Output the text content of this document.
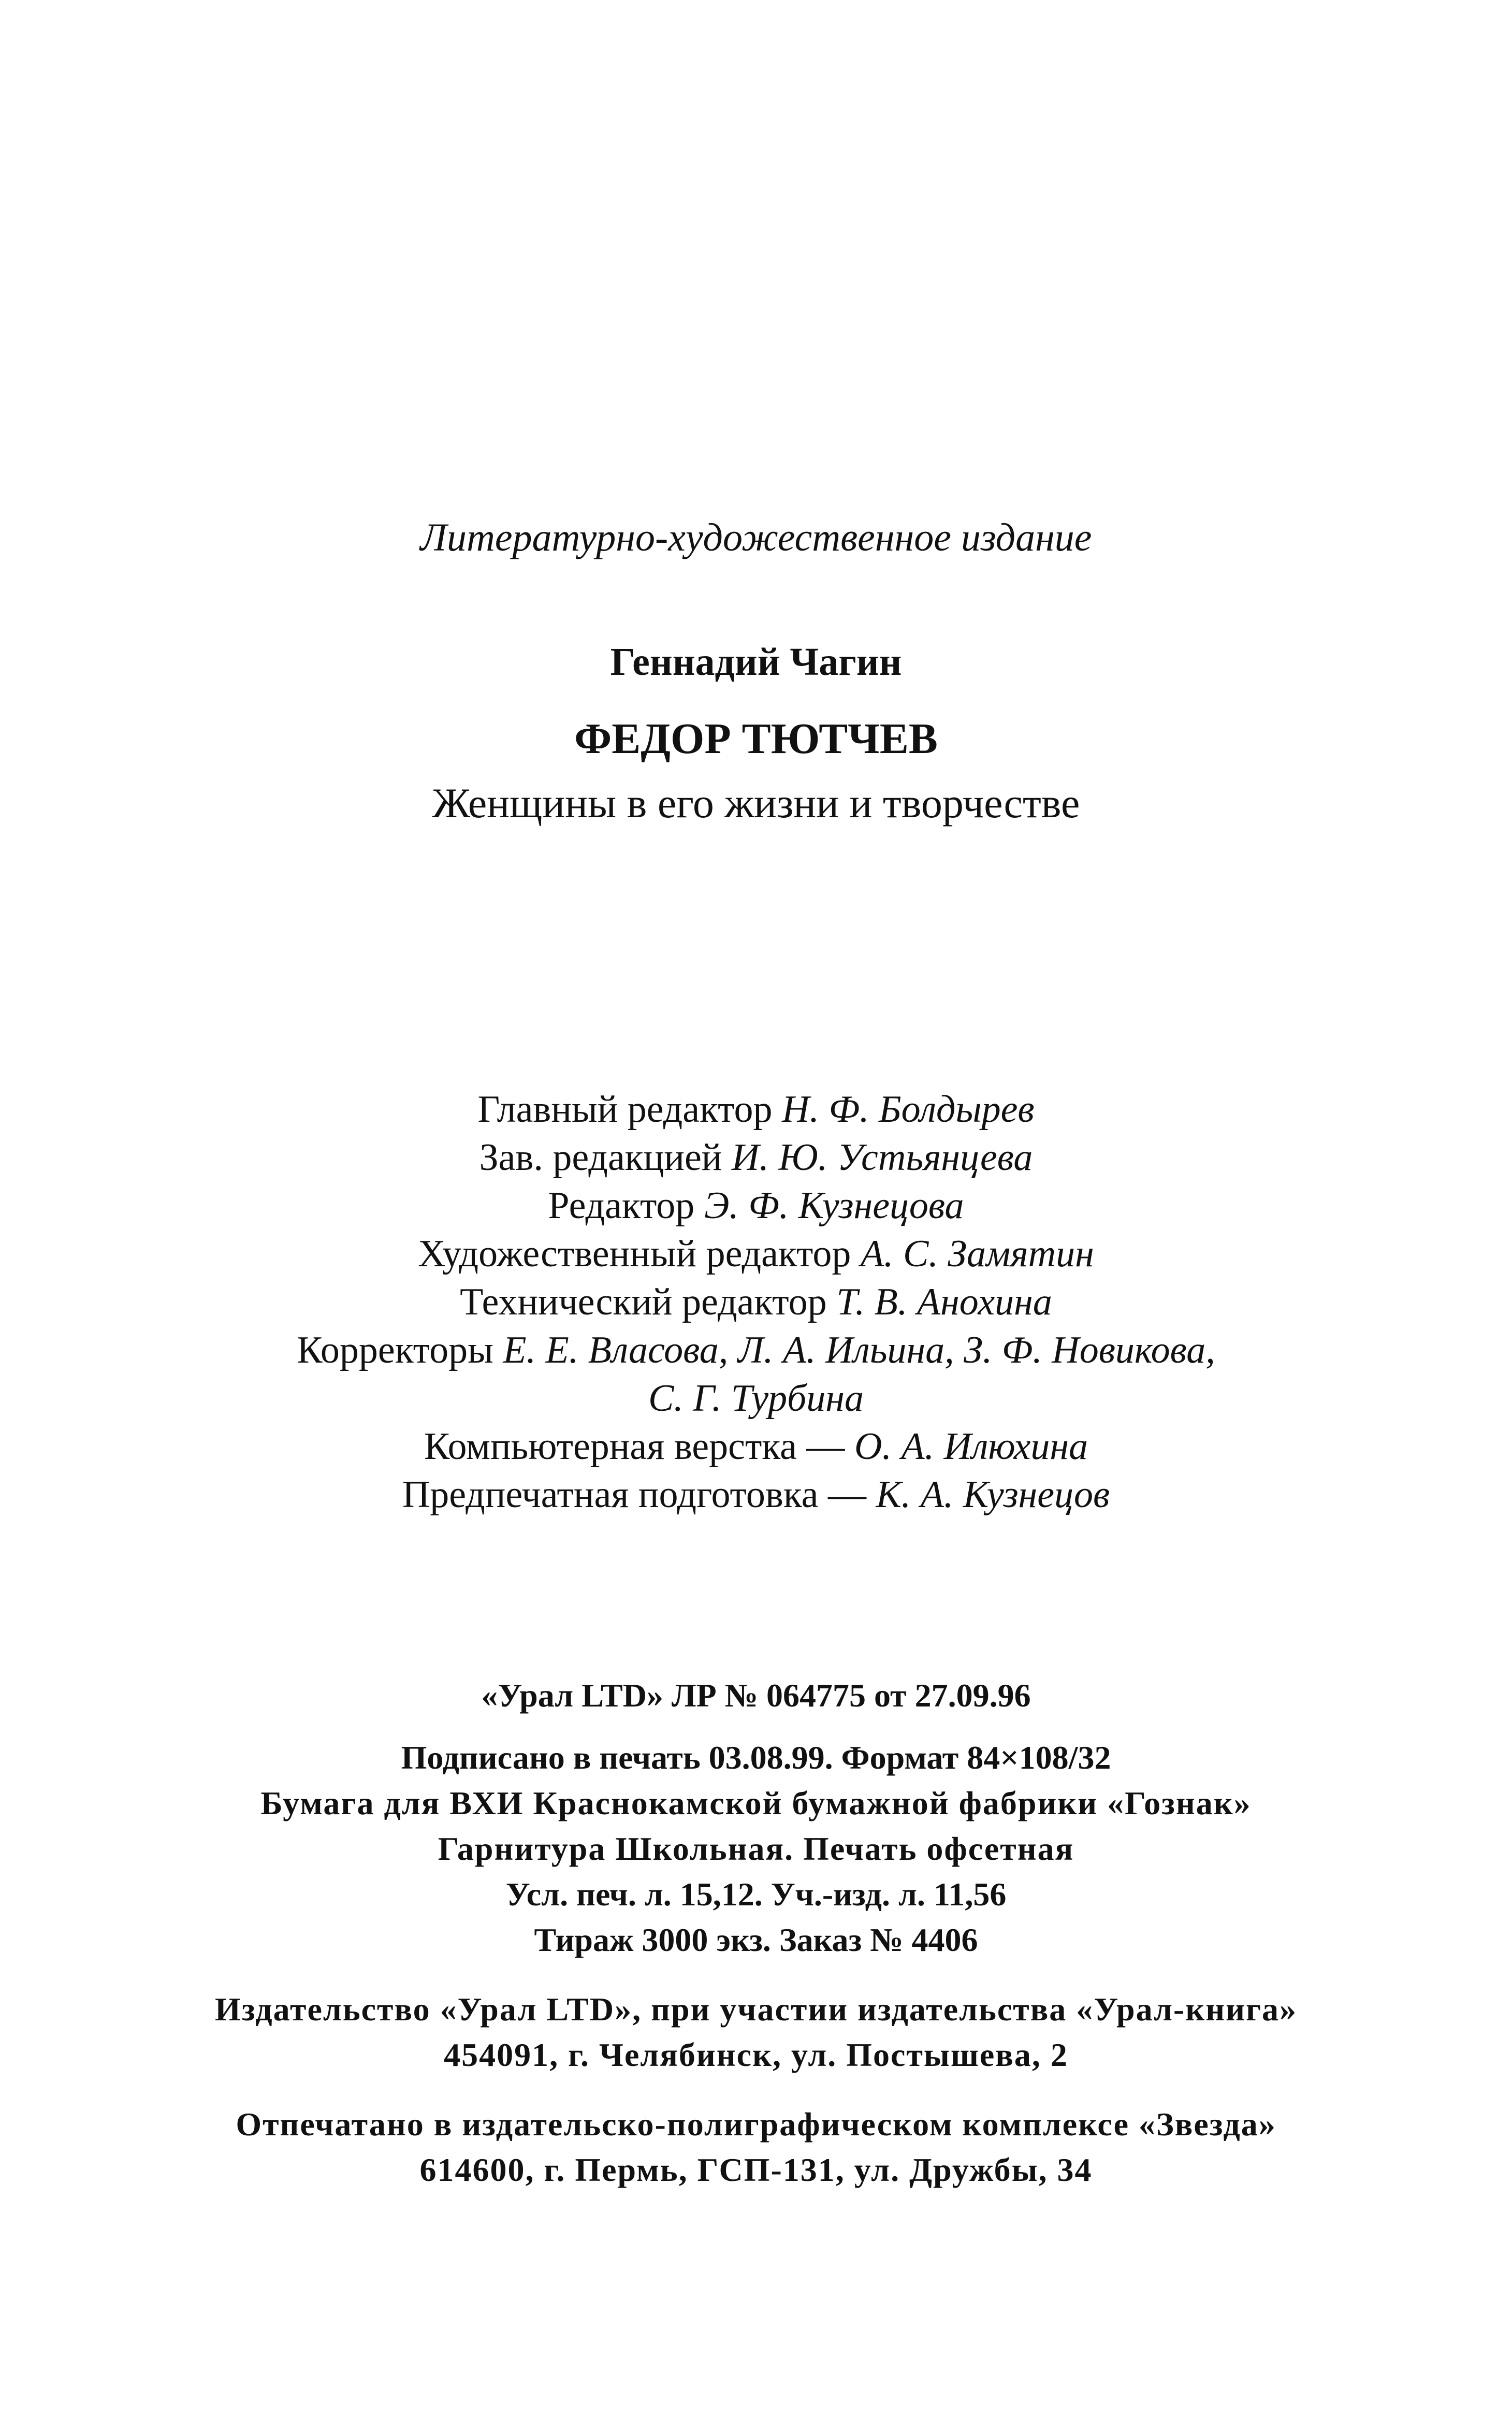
Литературно-художественное издание
Геннадий Чагин
ФЕДОР ТЮТЧЕВ
Женщины в его жизни и творчестве
Главный редактор Н. Ф. Болдырев
Зав. редакцией И. Ю. Устьянцева
Редактор Э. Ф. Кузнецова
Художественный редактор А. С. Замятин
Технический редактор Т. В. Анохина
Корректоры Е. Е. Власова, Л. А. Ильина, З. Ф. Новикова,
С. Г. Турбина
Компьютерная верстка — О. А. Илюхина
Предпечатная подготовка — К. А. Кузнецов
«Урал LTD» ЛР № 064775 от 27.09.96
Подписано в печать 03.08.99. Формат 84×108/32
Бумага для ВХИ Краснокамской бумажной фабрики «Гознак»
Гарнитура Школьная. Печать офсетная
Усл. печ. л. 15,12. Уч.-изд. л. 11,56
Тираж 3000 экз. Заказ № 4406
Издательство «Урал LTD», при участии издательства «Урал-книга»
454091, г. Челябинск, ул. Постышева, 2
Отпечатано в издательско-полиграфическом комплексе «Звезда»
614600, г. Пермь, ГСП-131, ул. Дружбы, 34
